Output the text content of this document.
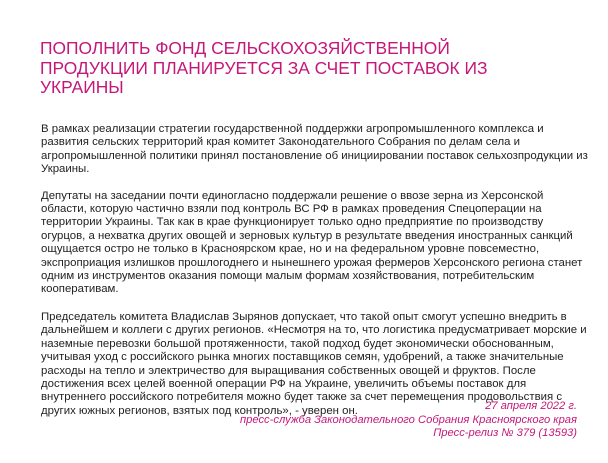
ПОПОЛНИТЬ ФОНД СЕЛЬСКОХОЗЯЙСТВЕННОЙ ПРОДУКЦИИ ПЛАНИРУЕТСЯ ЗА СЧЕТ ПОСТАВОК ИЗ УКРАИНЫ

В рамках реализации стратегии государственной поддержки агропромышленного комплекса и развития сельских территорий края комитет Законодательного Собрания по делам села и агропромышленной политики принял постановление об инициировании поставок сельхозпродукции из Украины.

Депутаты на заседании почти единогласно поддержали решение о ввозе зерна из Херсонской области, которую частично взяли под контроль ВС РФ в рамках проведения Спецоперации на территории Украины. Так как в крае функционирует только одно предприятие по производству огурцов, а нехватка других овощей и зерновых культур в результате введения иностранных санкций ощущается остро не только в Красноярском крае, но и на федеральном уровне повсеместно, экспроприация излишков прошлогоднего и нынешнего урожая фермеров Херсонского региона станет одним из инструментов оказания помощи малым формам хозяйствования, потребительским кооперативам.

Председатель комитета Владислав Зырянов допускает, что такой опыт смогут успешно внедрить в дальнейшем и коллеги с других регионов. «Несмотря на то, что логистика предусматривает морские и наземные перевозки большой протяженности, такой подход будет экономически обоснованным, учитывая уход с российского рынка многих поставщиков семян, удобрений, а также значительные расходы на тепло и электричество для выращивания собственных овощей и фруктов. После достижения всех целей военной операции РФ на Украине, увеличить объемы поставок для внутреннего российского потребителя можно будет также за счет перемещения продовольствия с других южных регионов, взятых под контроль», - уверен он.	27 апреля 2022 г.
пресс-служба Законодательного Собрания Красноярского края
Пресс-релиз № 379 (13593)
